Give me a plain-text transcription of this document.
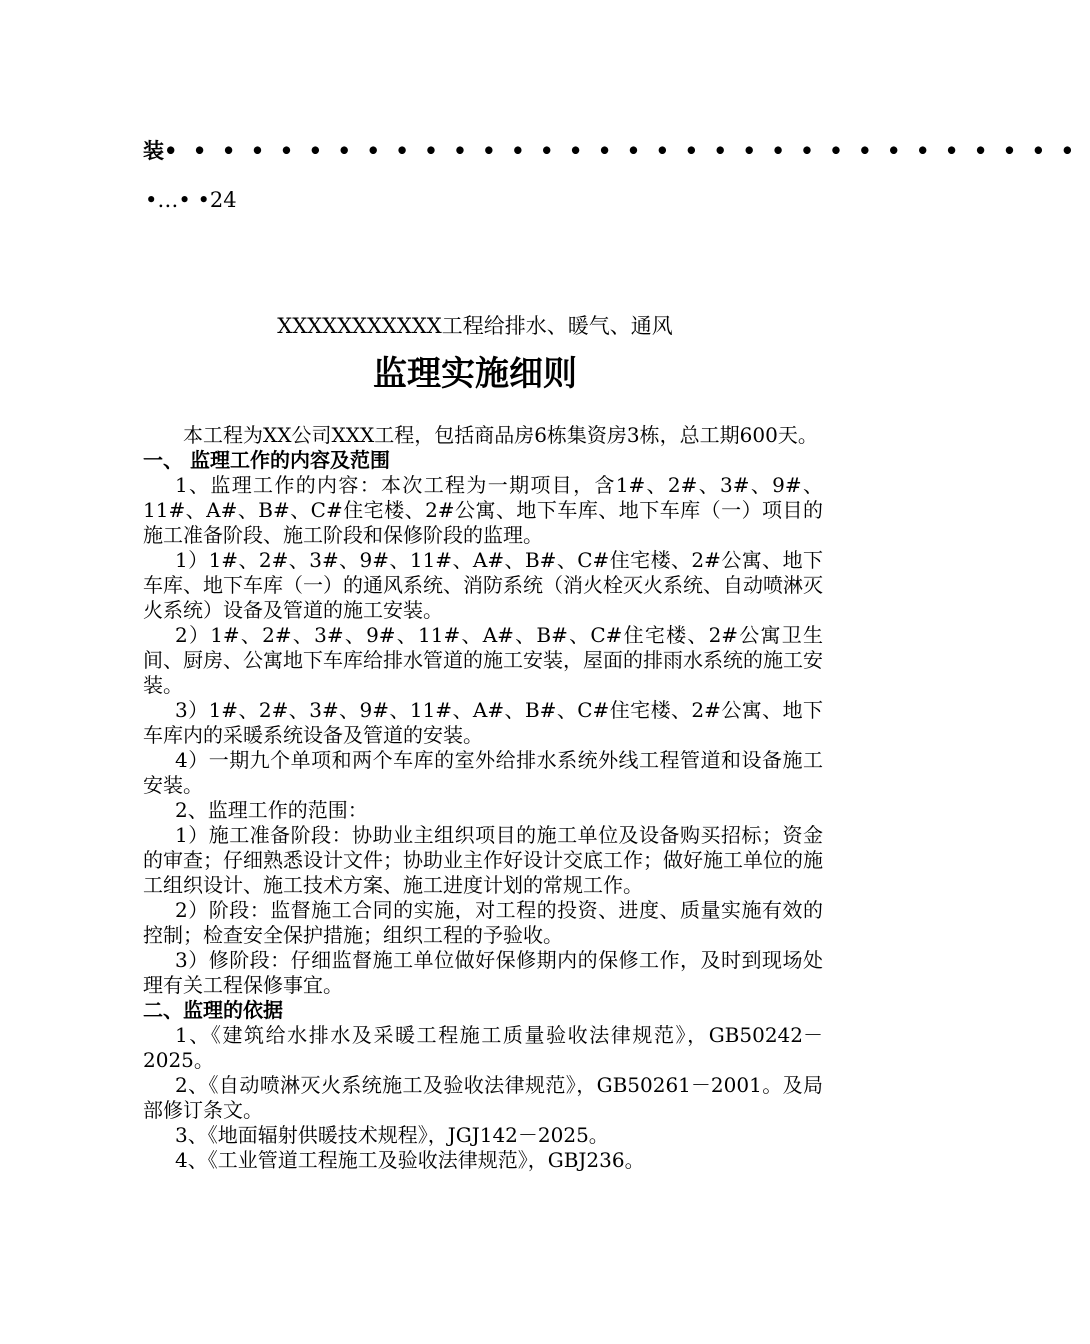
装••••••••••••••••••••••••••••••••
•…• •24
XXXXXXXXXXX工程给排水、暖气、通风
监理实施细则

本工程为XX公司XXX工程，包括商品房6栋集资房3栋，总工期600天。

一、 监理工作的内容及范围

1、监理工作的内容：本次工程为一期项目，含1#、2#、3#、9#、11#、A#、B#、C#住宅楼、2#公寓、地下车库、地下车库（一）项目的施工准备阶段、施工阶段和保修阶段的监理。

1）1#、2#、3#、9#、11#、A#、B#、C#住宅楼、2#公寓、地下车库、地下车库（一）的通风系统、消防系统（消火栓灭火系统、自动喷淋灭火系统）设备及管道的施工安装。

2）1#、2#、3#、9#、11#、A#、B#、C#住宅楼、2#公寓卫生间、厨房、公寓地下车库给排水管道的施工安装，屋面的排雨水系统的施工安装。

3）1#、2#、3#、9#、11#、A#、B#、C#住宅楼、2#公寓、地下车库内的采暖系统设备及管道的安装。

4）一期九个单项和两个车库的室外给排水系统外线工程管道和设备施工安装。

2、监理工作的范围：

1）施工准备阶段：协助业主组织项目的施工单位及设备购买招标；资金的审查；仔细熟悉设计文件；协助业主作好设计交底工作；做好施工单位的施工组织设计、施工技术方案、施工进度计划的常规工作。

2）阶段：监督施工合同的实施，对工程的投资、进度、质量实施有效的控制；检查安全保护措施；组织工程的予验收。

3）修阶段：仔细监督施工单位做好保修期内的保修工作，及时到现场处理有关工程保修事宜。

二、监理的依据

1、《建筑给水排水及采暖工程施工质量验收法律规范》，GB50242－2025。

2、《自动喷淋灭火系统施工及验收法律规范》，GB50261－2001。及局部修订条文。

3、《地面辐射供暖技术规程》，JGJ142－2025。

4、《工业管道工程施工及验收法律规范》，GBJ236。
